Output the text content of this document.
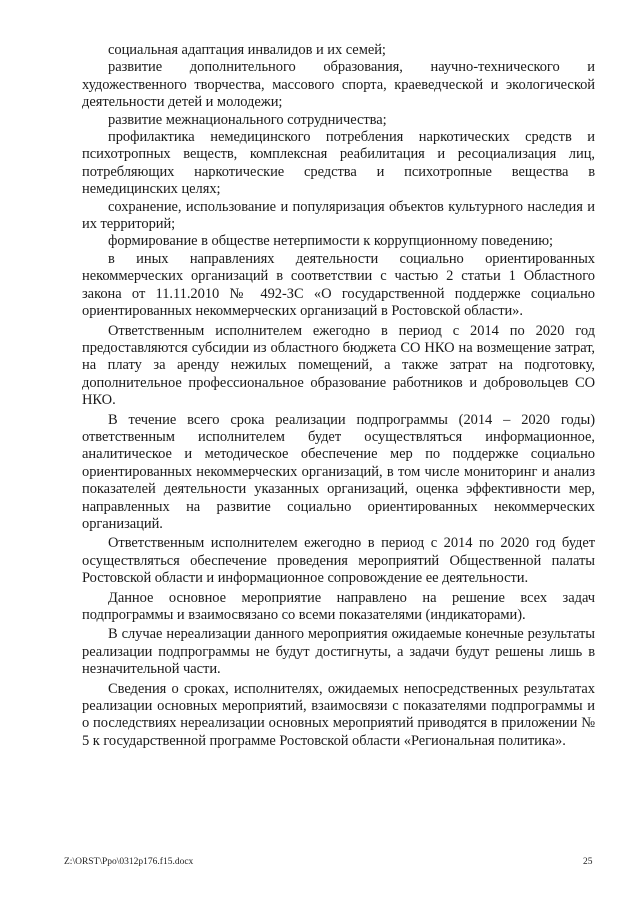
социальная адаптация инвалидов и их семей;

развитие дополнительного образования, научно-технического и художественного творчества, массового спорта, краеведческой и экологической деятельности детей и молодежи;

развитие межнационального сотрудничества;

профилактика немедицинского потребления наркотических средств и психотропных веществ, комплексная реабилитация и ресоциализация лиц, потребляющих наркотические средства и психотропные вещества в немедицинских целях;

сохранение, использование и популяризация объектов культурного наследия и их территорий;

формирование в обществе нетерпимости к коррупционному поведению;

в иных направлениях деятельности социально ориентированных некоммерческих организаций в соответствии с частью 2 статьи 1 Областного закона от 11.11.2010 № 492-ЗС «О государственной поддержке социально ориентированных некоммерческих организаций в Ростовской области».

Ответственным исполнителем ежегодно в период с 2014 по 2020 год предоставляются субсидии из областного бюджета СО НКО на возмещение затрат, на плату за аренду нежилых помещений, а также затрат на подготовку, дополнительное профессиональное образование работников и добровольцев СО НКО.

В течение всего срока реализации подпрограммы (2014 – 2020 годы) ответственным исполнителем будет осуществляться информационное, аналитическое и методическое обеспечение мер по поддержке социально ориентированных некоммерческих организаций, в том числе мониторинг и анализ показателей деятельности указанных организаций, оценка эффективности мер, направленных на развитие социально ориентированных некоммерческих организаций.

Ответственным исполнителем ежегодно в период с 2014 по 2020 год будет осуществляться обеспечение проведения мероприятий Общественной палаты Ростовской области и информационное сопровождение ее деятельности.

Данное основное мероприятие направлено на решение всех задач подпрограммы и взаимосвязано со всеми показателями (индикаторами).

В случае нереализации данного мероприятия ожидаемые конечные результаты реализации подпрограммы не будут достигнуты, а задачи будут решены лишь в незначительной части.

Сведения о сроках, исполнителях, ожидаемых непосредственных результатах реализации основных мероприятий, взаимосвязи с показателями подпрограммы и о последствиях нереализации основных мероприятий приводятся в приложении № 5 к государственной программе Ростовской области «Региональная политика».

Z:\ORST\Ppo\0312p176.f15.docx	25
